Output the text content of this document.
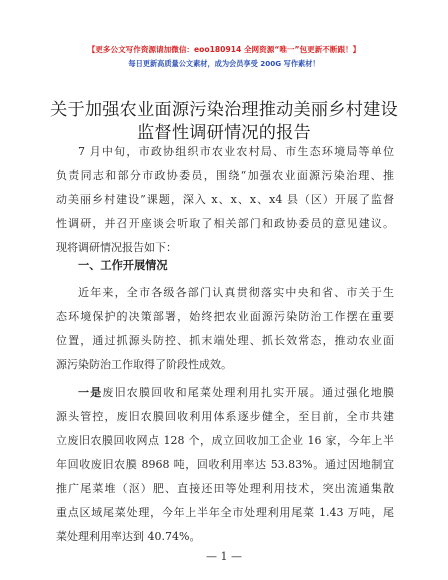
【更多公文写作资源请加微信：eoo180914 全网资源“唯一”包更新不断跟！】
每日更新高质量公文素材，成为会员享受 200G 写作素材！
关于加强农业面源污染治理推动美丽乡村建设
监督性调研情况的报告
7 月中旬，市政协组织市农业农村局、市生态环境局等单位
负责同志和部分市政协委员，围绕“加强农业面源污染治理、推
动美丽乡村建设”课题，深入 x、x、x、x4 县（区）开展了监督
性调研，并召开座谈会听取了相关部门和政协委员的意见建议。
现将调研情况报告如下：
一、工作开展情况
近年来，全市各级各部门认真贯彻落实中央和省、市关于生
态环境保护的决策部署，始终把农业面源污染防治工作摆在重要
位置，通过抓源头防控、抓末端处理、抓长效常态，推动农业面
源污染防治工作取得了阶段性成效。
一是废旧农膜回收和尾菜处理利用扎实开展。通过强化地膜
源头管控，废旧农膜回收利用体系逐步健全，至目前，全市共建
立废旧农膜回收网点 128 个，成立回收加工企业 16 家，今年上半
年回收废旧农膜 8968 吨，回收利用率达 53.83%。通过因地制宜
推广尾菜堆（沤）肥、直接还田等处理利用技术，突出流通集散
重点区域尾菜处理，今年上半年全市处理利用尾菜 1.43 万吨，尾
— 1 —
菜处理利用率达到 40.74%。
